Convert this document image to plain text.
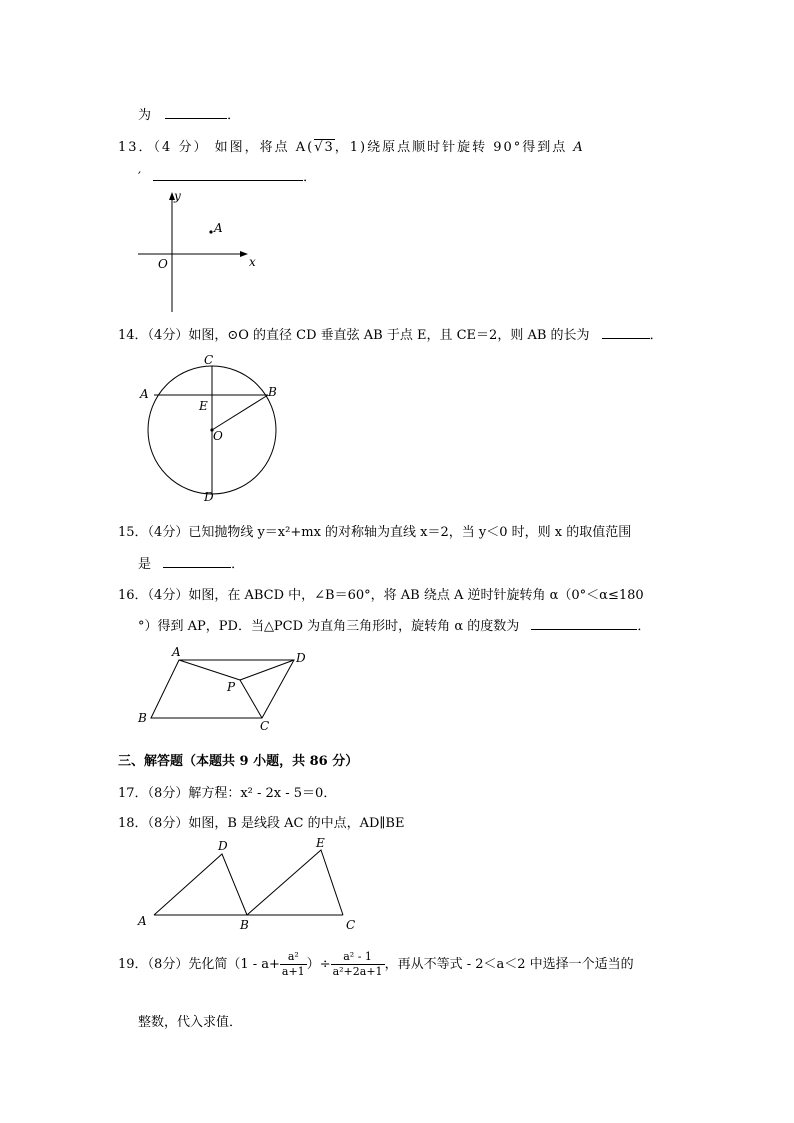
为	．
13．（4 分） 如图，将点 A(√3，1)绕原点顺时针旋转 90°得到点 A
′	．
y
x
O
A
14．（4分）如图，⊙O 的直径 CD 垂直弦 AB 于点 E，且 CE＝2，则 AB 的长为	．
C
A	B
E
O
D
15．（4分）已知抛物线 y＝x²+mx 的对称轴为直线 x＝2，当 y＜0 时，则 x 的取值范围
是	．
16．（4分）如图，在 ABCD 中，∠B＝60°，将 AB 绕点 A 逆时针旋转角 α（0°＜α≤180
°）得到 AP，PD．当△PCD 为直角三角形时，旋转角 α 的度数为	．
A	D
P
B
C
三、解答题（本题共 9 小题，共 86 分）
17．（8分）解方程：x² - 2x - 5＝0．
18．（8分）如图，B 是线段 AC 的中点，AD∥BE
D	E
A	B	C
19．（8分）先化简（$1 - a+ \frac{\text{a²}}{a+1}$ ）÷ $\frac{\text{a² - 1}}{\text{a²+2a+1}}$ ，再从不等式 - 2＜a＜2 中选择一个适当的
整数，代入求值．
